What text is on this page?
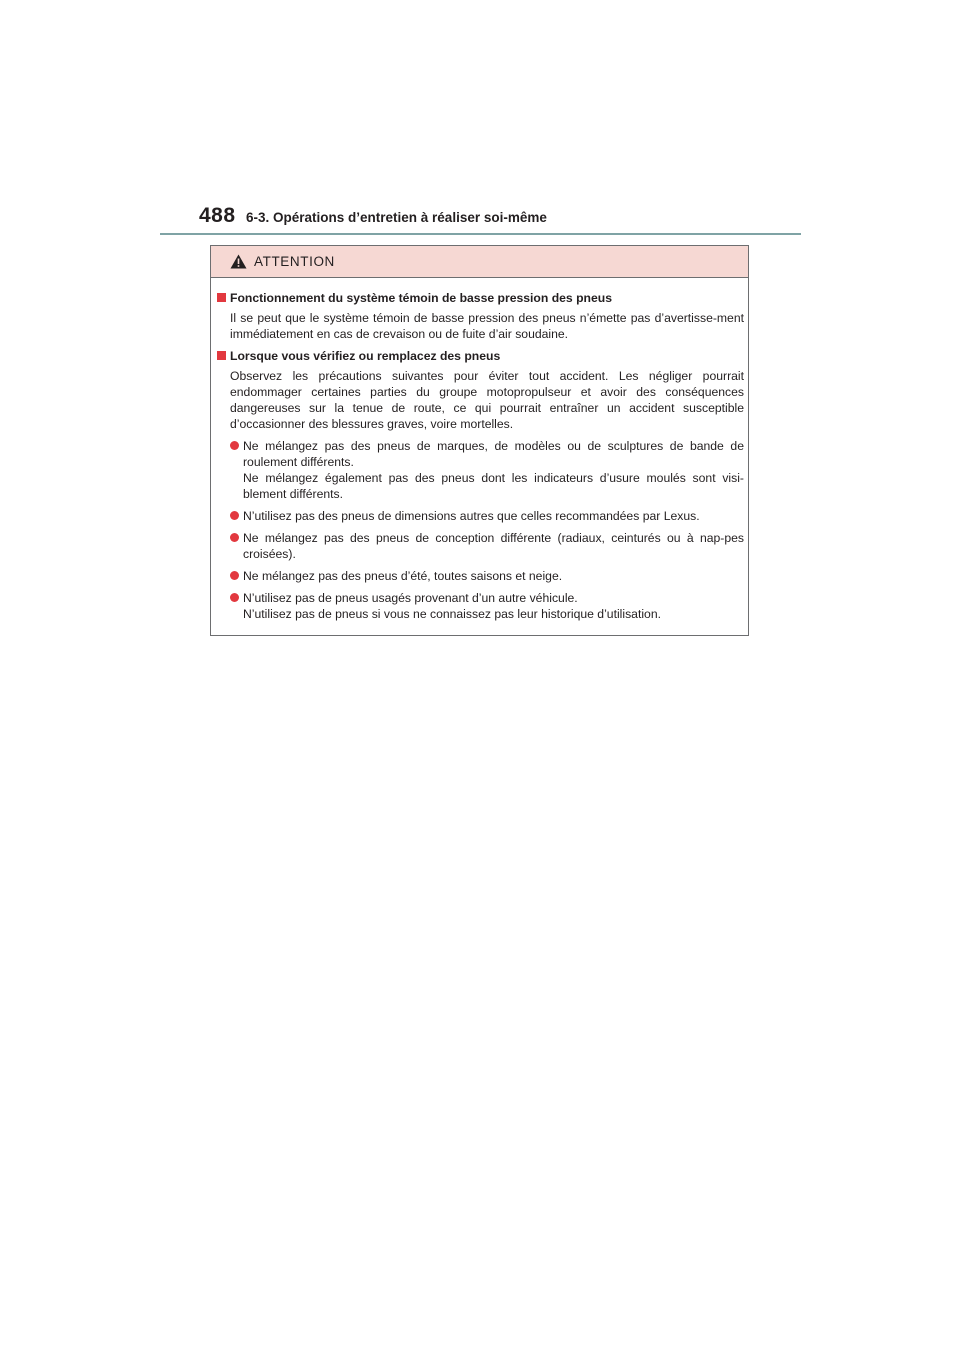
488 6-3. Opérations d’entretien à réaliser soi-même
ATTENTION
Fonctionnement du système témoin de basse pression des pneus
Il se peut que le système témoin de basse pression des pneus n’émette pas d’avertisse-ment immédiatement en cas de crevaison ou de fuite d’air soudaine.
Lorsque vous vérifiez ou remplacez des pneus
Observez les précautions suivantes pour éviter tout accident. Les négliger pourrait endommager certaines parties du groupe motopropulseur et avoir des conséquences dangereuses sur la tenue de route, ce qui pourrait entraîner un accident susceptible d’occasionner des blessures graves, voire mortelles.
Ne mélangez pas des pneus de marques, de modèles ou de sculptures de bande de roulement différents.
Ne mélangez également pas des pneus dont les indicateurs d’usure moulés sont visi-blement différents.
N’utilisez pas des pneus de dimensions autres que celles recommandées par Lexus.
Ne mélangez pas des pneus de conception différente (radiaux, ceinturés ou à nap-pes croisées).
Ne mélangez pas des pneus d’été, toutes saisons et neige.
N’utilisez pas de pneus usagés provenant d’un autre véhicule.
N’utilisez pas de pneus si vous ne connaissez pas leur historique d’utilisation.
